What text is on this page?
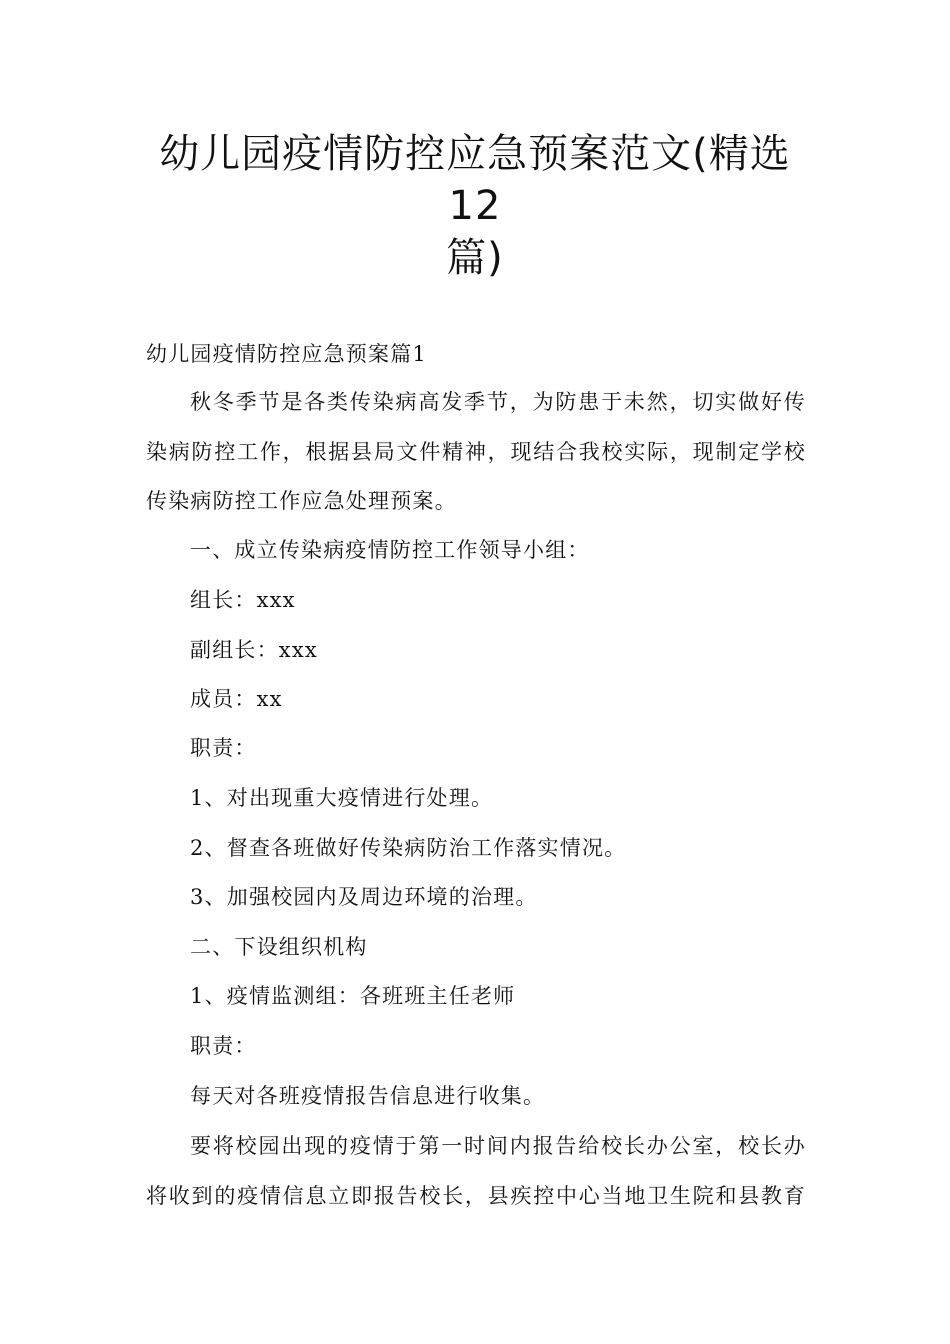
幼儿园疫情防控应急预案范文(精选12
篇)
幼儿园疫情防控应急预案篇1
秋冬季节是各类传染病高发季节，为防患于未然，切实做好传
染病防控工作，根据县局文件精神，现结合我校实际，现制定学校
传染病防控工作应急处理预案。
一、成立传染病疫情防控工作领导小组：
组长：xxx
副组长：xxx
成员：xx
职责：
1、对出现重大疫情进行处理。
2、督查各班做好传染病防治工作落实情况。
3、加强校园内及周边环境的治理。
二、下设组织机构
1、疫情监测组：各班班主任老师
职责：
每天对各班疫情报告信息进行收集。
要将校园出现的疫情于第一时间内报告给校长办公室，校长办
将收到的疫情信息立即报告校长，县疾控中心当地卫生院和县教育
